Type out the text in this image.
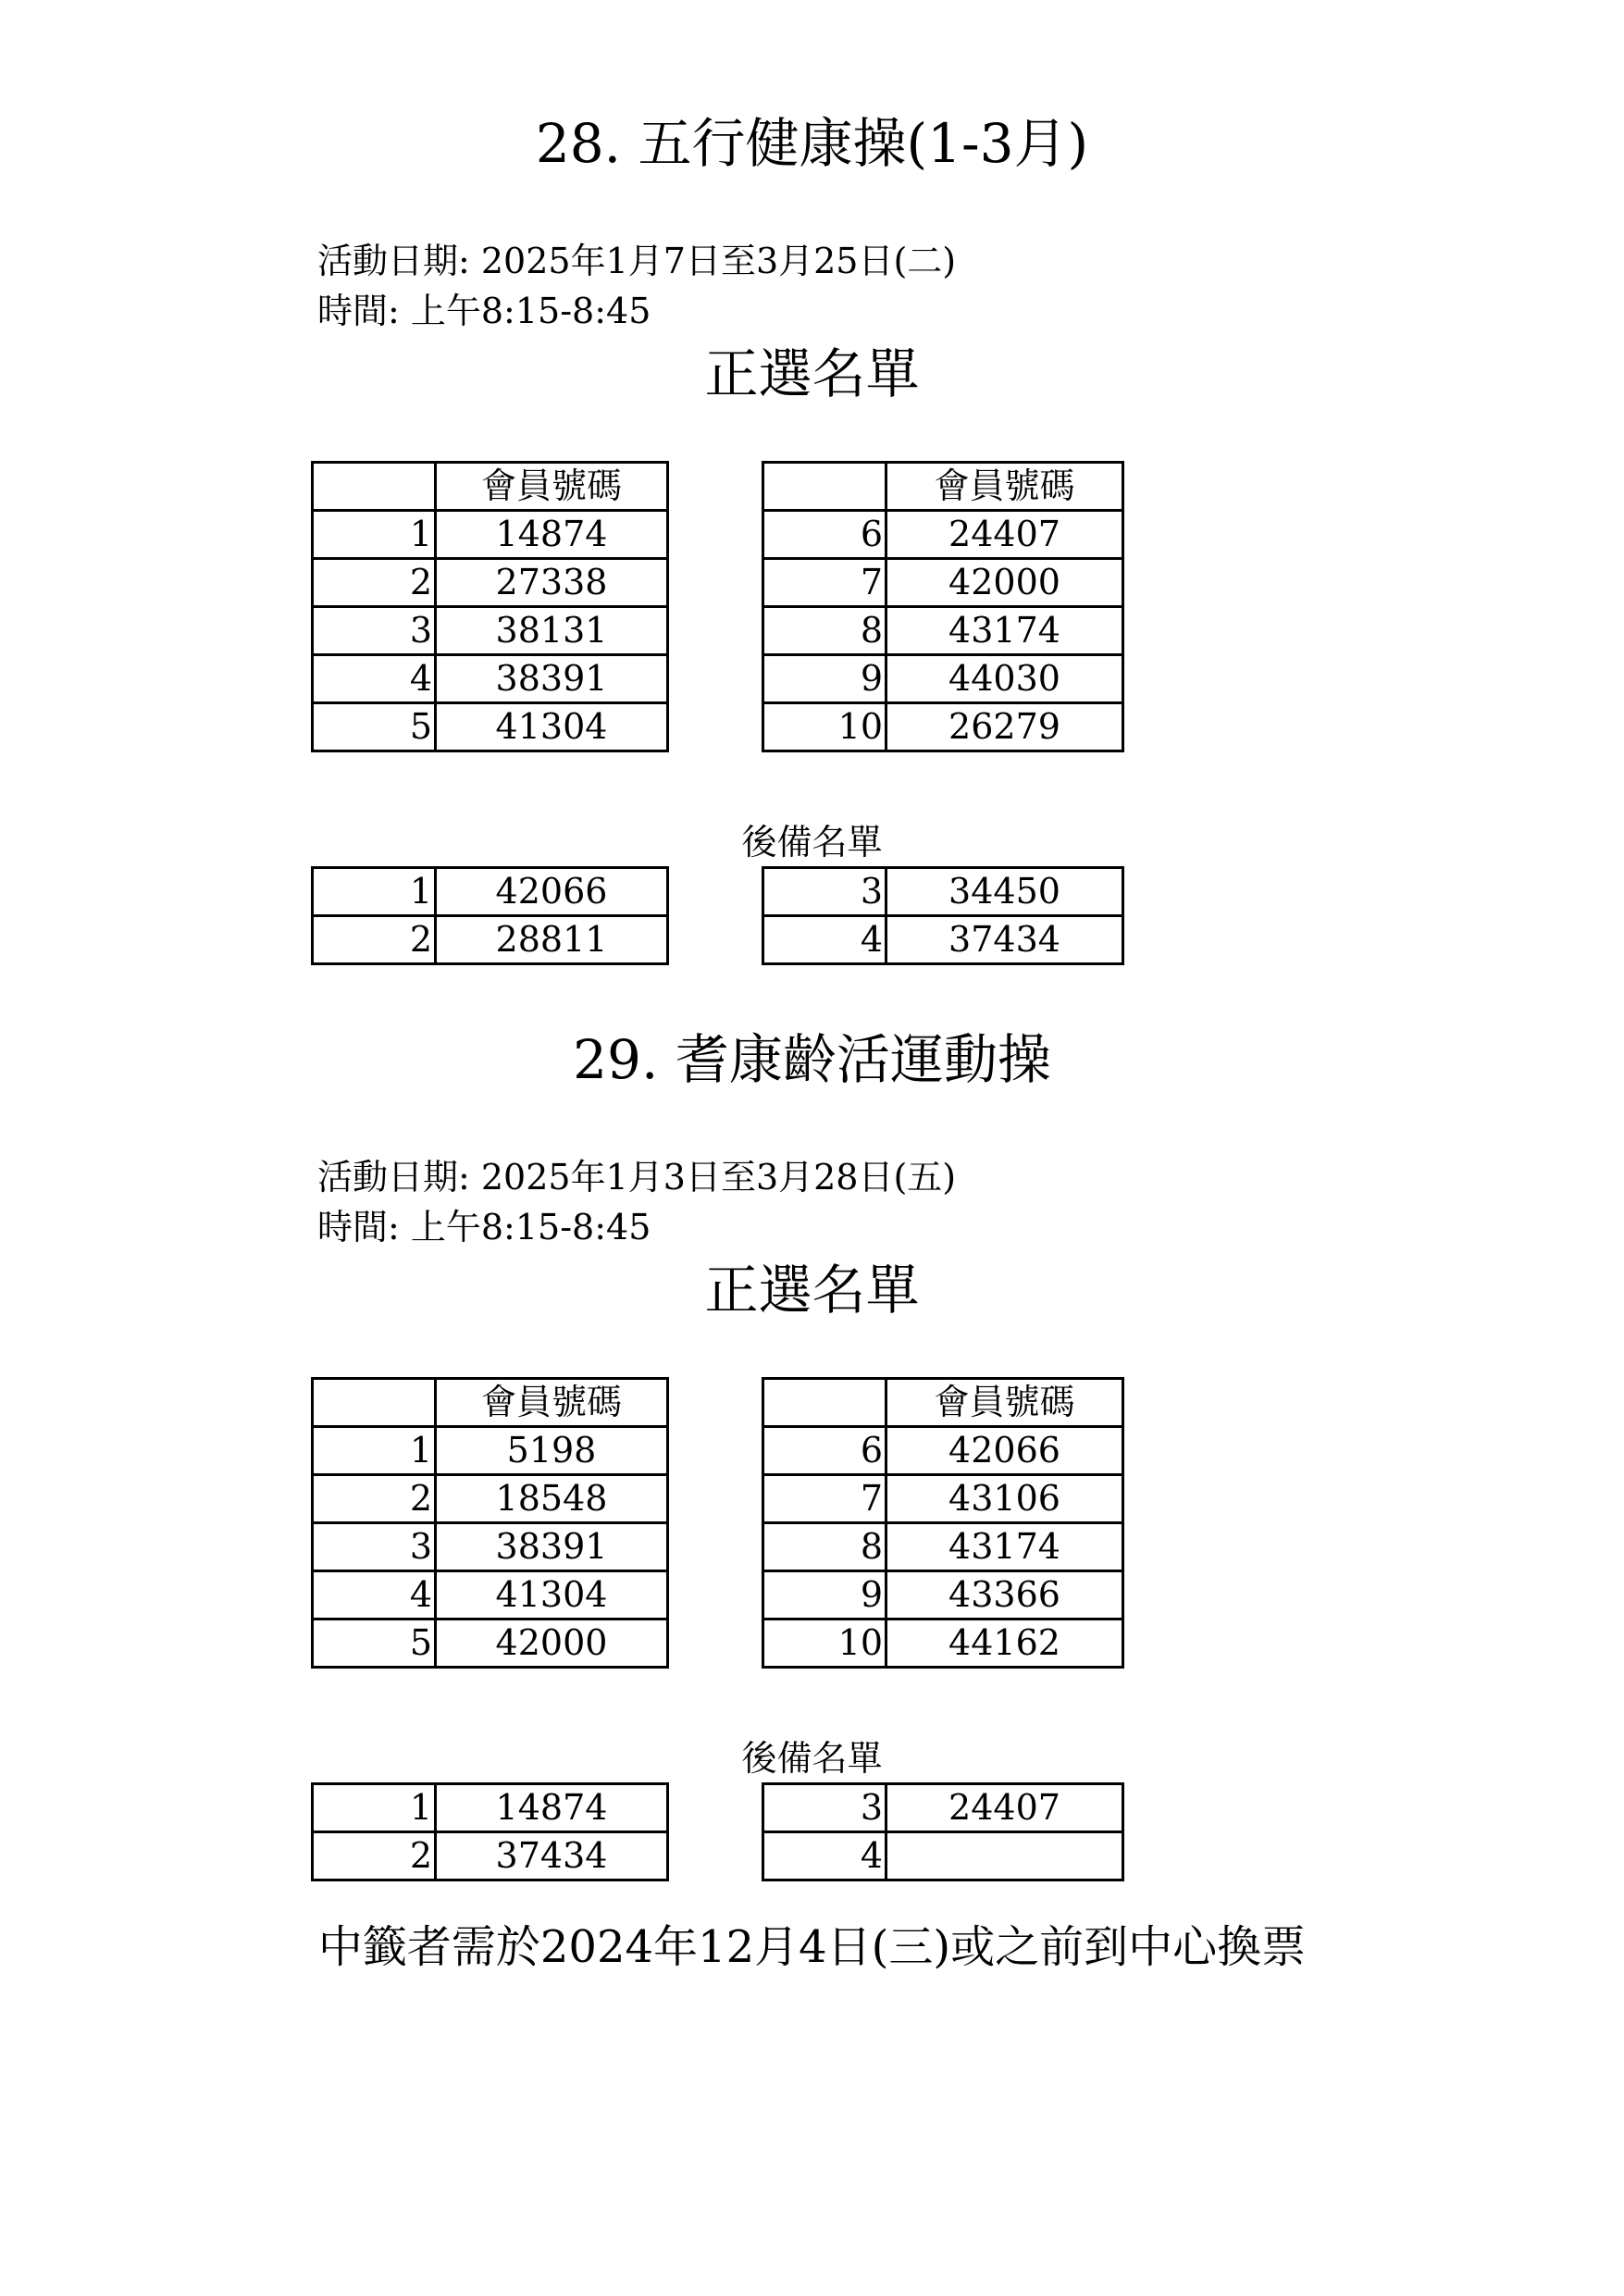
28. 五行健康操(1-3月)
活動日期: 2025年1月7日至3月25日(二)
時間: 上午8:15-8:45
正選名單
	會員號碼
1	14874
2	27338
3	38131
4	38391
5	41304
	會員號碼
6	24407
7	42000
8	43174
9	44030
10	26279
後備名單
1	42066
2	28811
3	34450
4	37434
29. 耆康齡活運動操
活動日期: 2025年1月3日至3月28日(五)
時間: 上午8:15-8:45
正選名單
	會員號碼
1	5198
2	18548
3	38391
4	41304
5	42000
	會員號碼
6	42066
7	43106
8	43174
9	43366
10	44162
後備名單
1	14874
2	37434
3	24407
4	
中籤者需於2024年12月4日(三)或之前到中心換票
